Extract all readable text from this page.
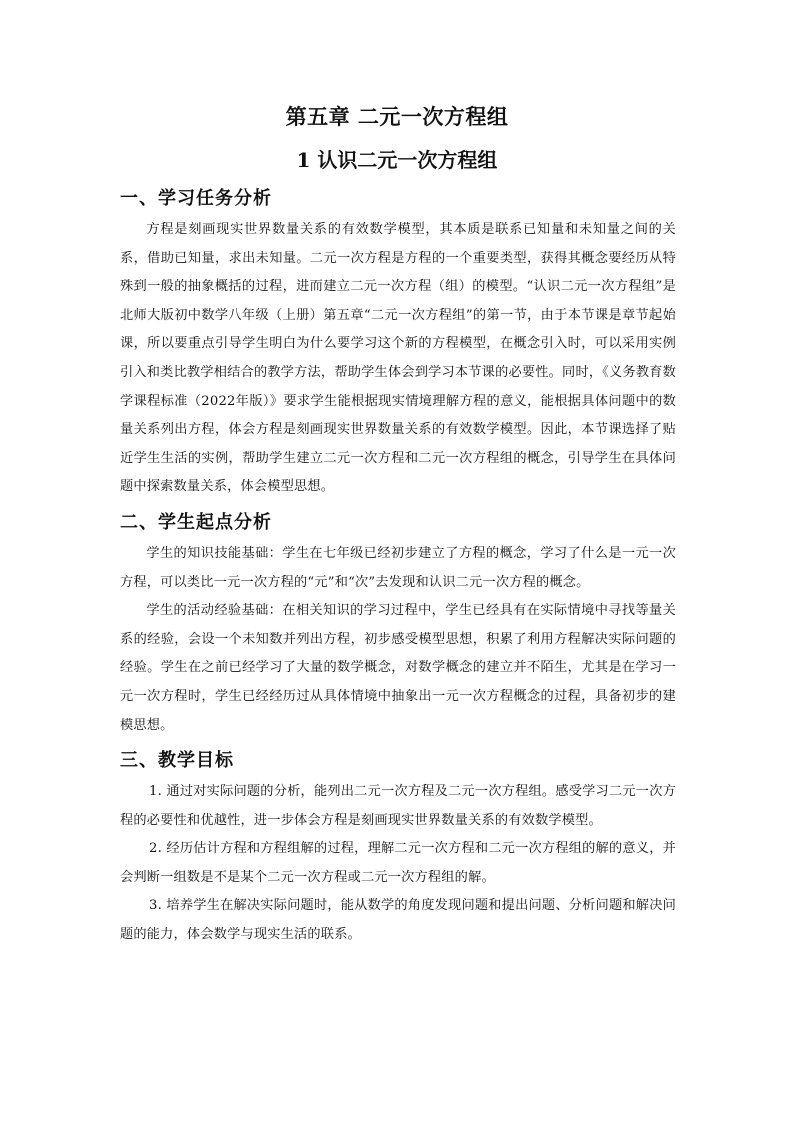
第五章 二元一次方程组
1 认识二元一次方程组
一、学习任务分析

方程是刻画现实世界数量关系的有效数学模型，其本质是联系已知量和未知量之间的关系，借助已知量，求出未知量。二元一次方程是方程的一个重要类型，获得其概念要经历从特殊到一般的抽象概括的过程，进而建立二元一次方程（组）的模型。“认识二元一次方程组”是北师大版初中数学八年级（上册）第五章“二元一次方程组”的第一节，由于本节课是章节起始课，所以要重点引导学生明白为什么要学习这个新的方程模型，在概念引入时，可以采用实例引入和类比教学相结合的教学方法，帮助学生体会到学习本节课的必要性。同时，《义务教育数学课程标准（2022年版）》要求学生能根据现实情境理解方程的意义，能根据具体问题中的数量关系列出方程，体会方程是刻画现实世界数量关系的有效数学模型。因此，本节课选择了贴近学生生活的实例，帮助学生建立二元一次方程和二元一次方程组的概念，引导学生在具体问题中探索数量关系，体会模型思想。

二、学生起点分析

学生的知识技能基础：学生在七年级已经初步建立了方程的概念，学习了什么是一元一次方程，可以类比一元一次方程的“元”和“次”去发现和认识二元一次方程的概念。

学生的活动经验基础：在相关知识的学习过程中，学生已经具有在实际情境中寻找等量关系的经验，会设一个未知数并列出方程，初步感受模型思想，积累了利用方程解决实际问题的经验。学生在之前已经学习了大量的数学概念，对数学概念的建立并不陌生，尤其是在学习一元一次方程时，学生已经经历过从具体情境中抽象出一元一次方程概念的过程，具备初步的建模思想。

三、教学目标

1. 通过对实际问题的分析，能列出二元一次方程及二元一次方程组。感受学习二元一次方程的必要性和优越性，进一步体会方程是刻画现实世界数量关系的有效数学模型。

2. 经历估计方程和方程组解的过程，理解二元一次方程和二元一次方程组的解的意义，并会判断一组数是不是某个二元一次方程或二元一次方程组的解。

3. 培养学生在解决实际问题时，能从数学的角度发现问题和提出问题、分析问题和解决问题的能力，体会数学与现实生活的联系。
